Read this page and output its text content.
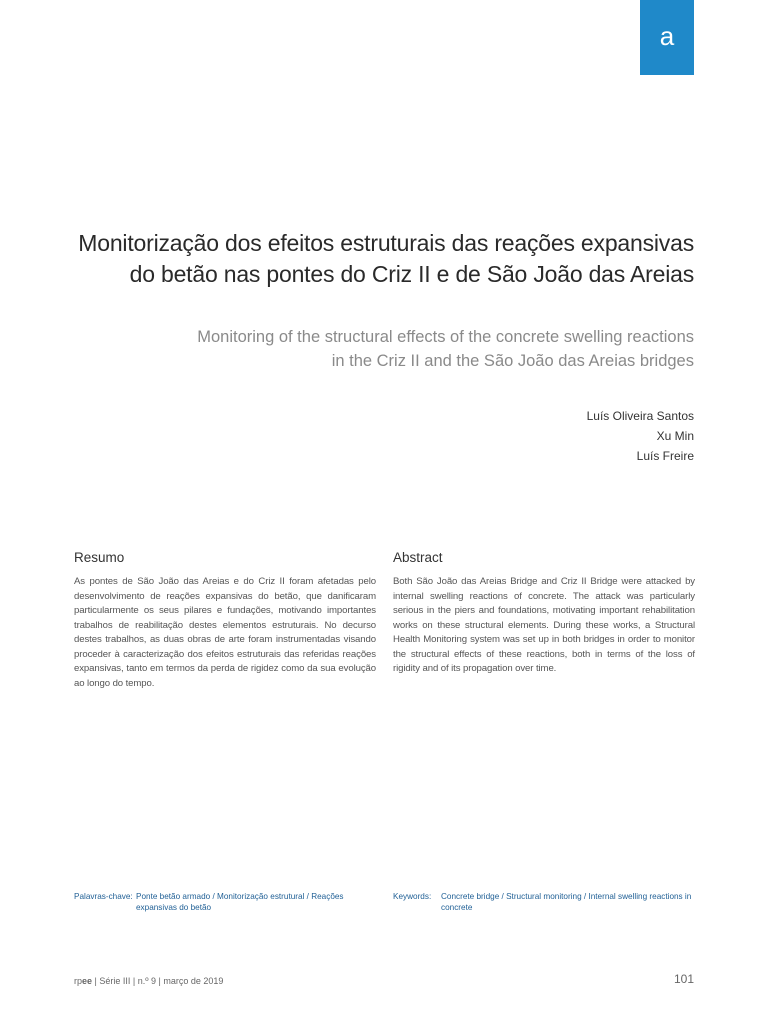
a
Monitorização dos efeitos estruturais das reações expansivas
do betão nas pontes do Criz II e de São João das Areias
Monitoring of the structural effects of the concrete swelling reactions
in the Criz II and the São João das Areias bridges
Luís Oliveira Santos
Xu Min
Luís Freire
Resumo	Abstract
As pontes de São João das Areias e do Criz II foram afetadas pelo desenvolvimento de reações expansivas do betão, que danificaram particularmente os seus pilares e fundações, motivando importantes trabalhos de reabilitação destes elementos estruturais. No decurso destes trabalhos, as duas obras de arte foram instrumentadas visando proceder à caracterização dos efeitos estruturais das referidas reações expansivas, tanto em termos da perda de rigidez como da sua evolução ao longo do tempo.
Both São João das Areias Bridge and Criz II Bridge were attacked by internal swelling reactions of concrete. The attack was particularly serious in the piers and foundations, motivating important rehabilitation works on these structural elements. During these works, a Structural Health Monitoring system was set up in both bridges in order to monitor the structural effects of these reactions, both in terms of the loss of rigidity and of its propagation over time.
Palavras-chave: Ponte betão armado / Monitorização estrutural / Reações expansivas do betão
Keywords:	Concrete bridge / Structural monitoring / Internal swelling reactions in concrete
rpee | Série III | n.º 9 | março de 2019	101
